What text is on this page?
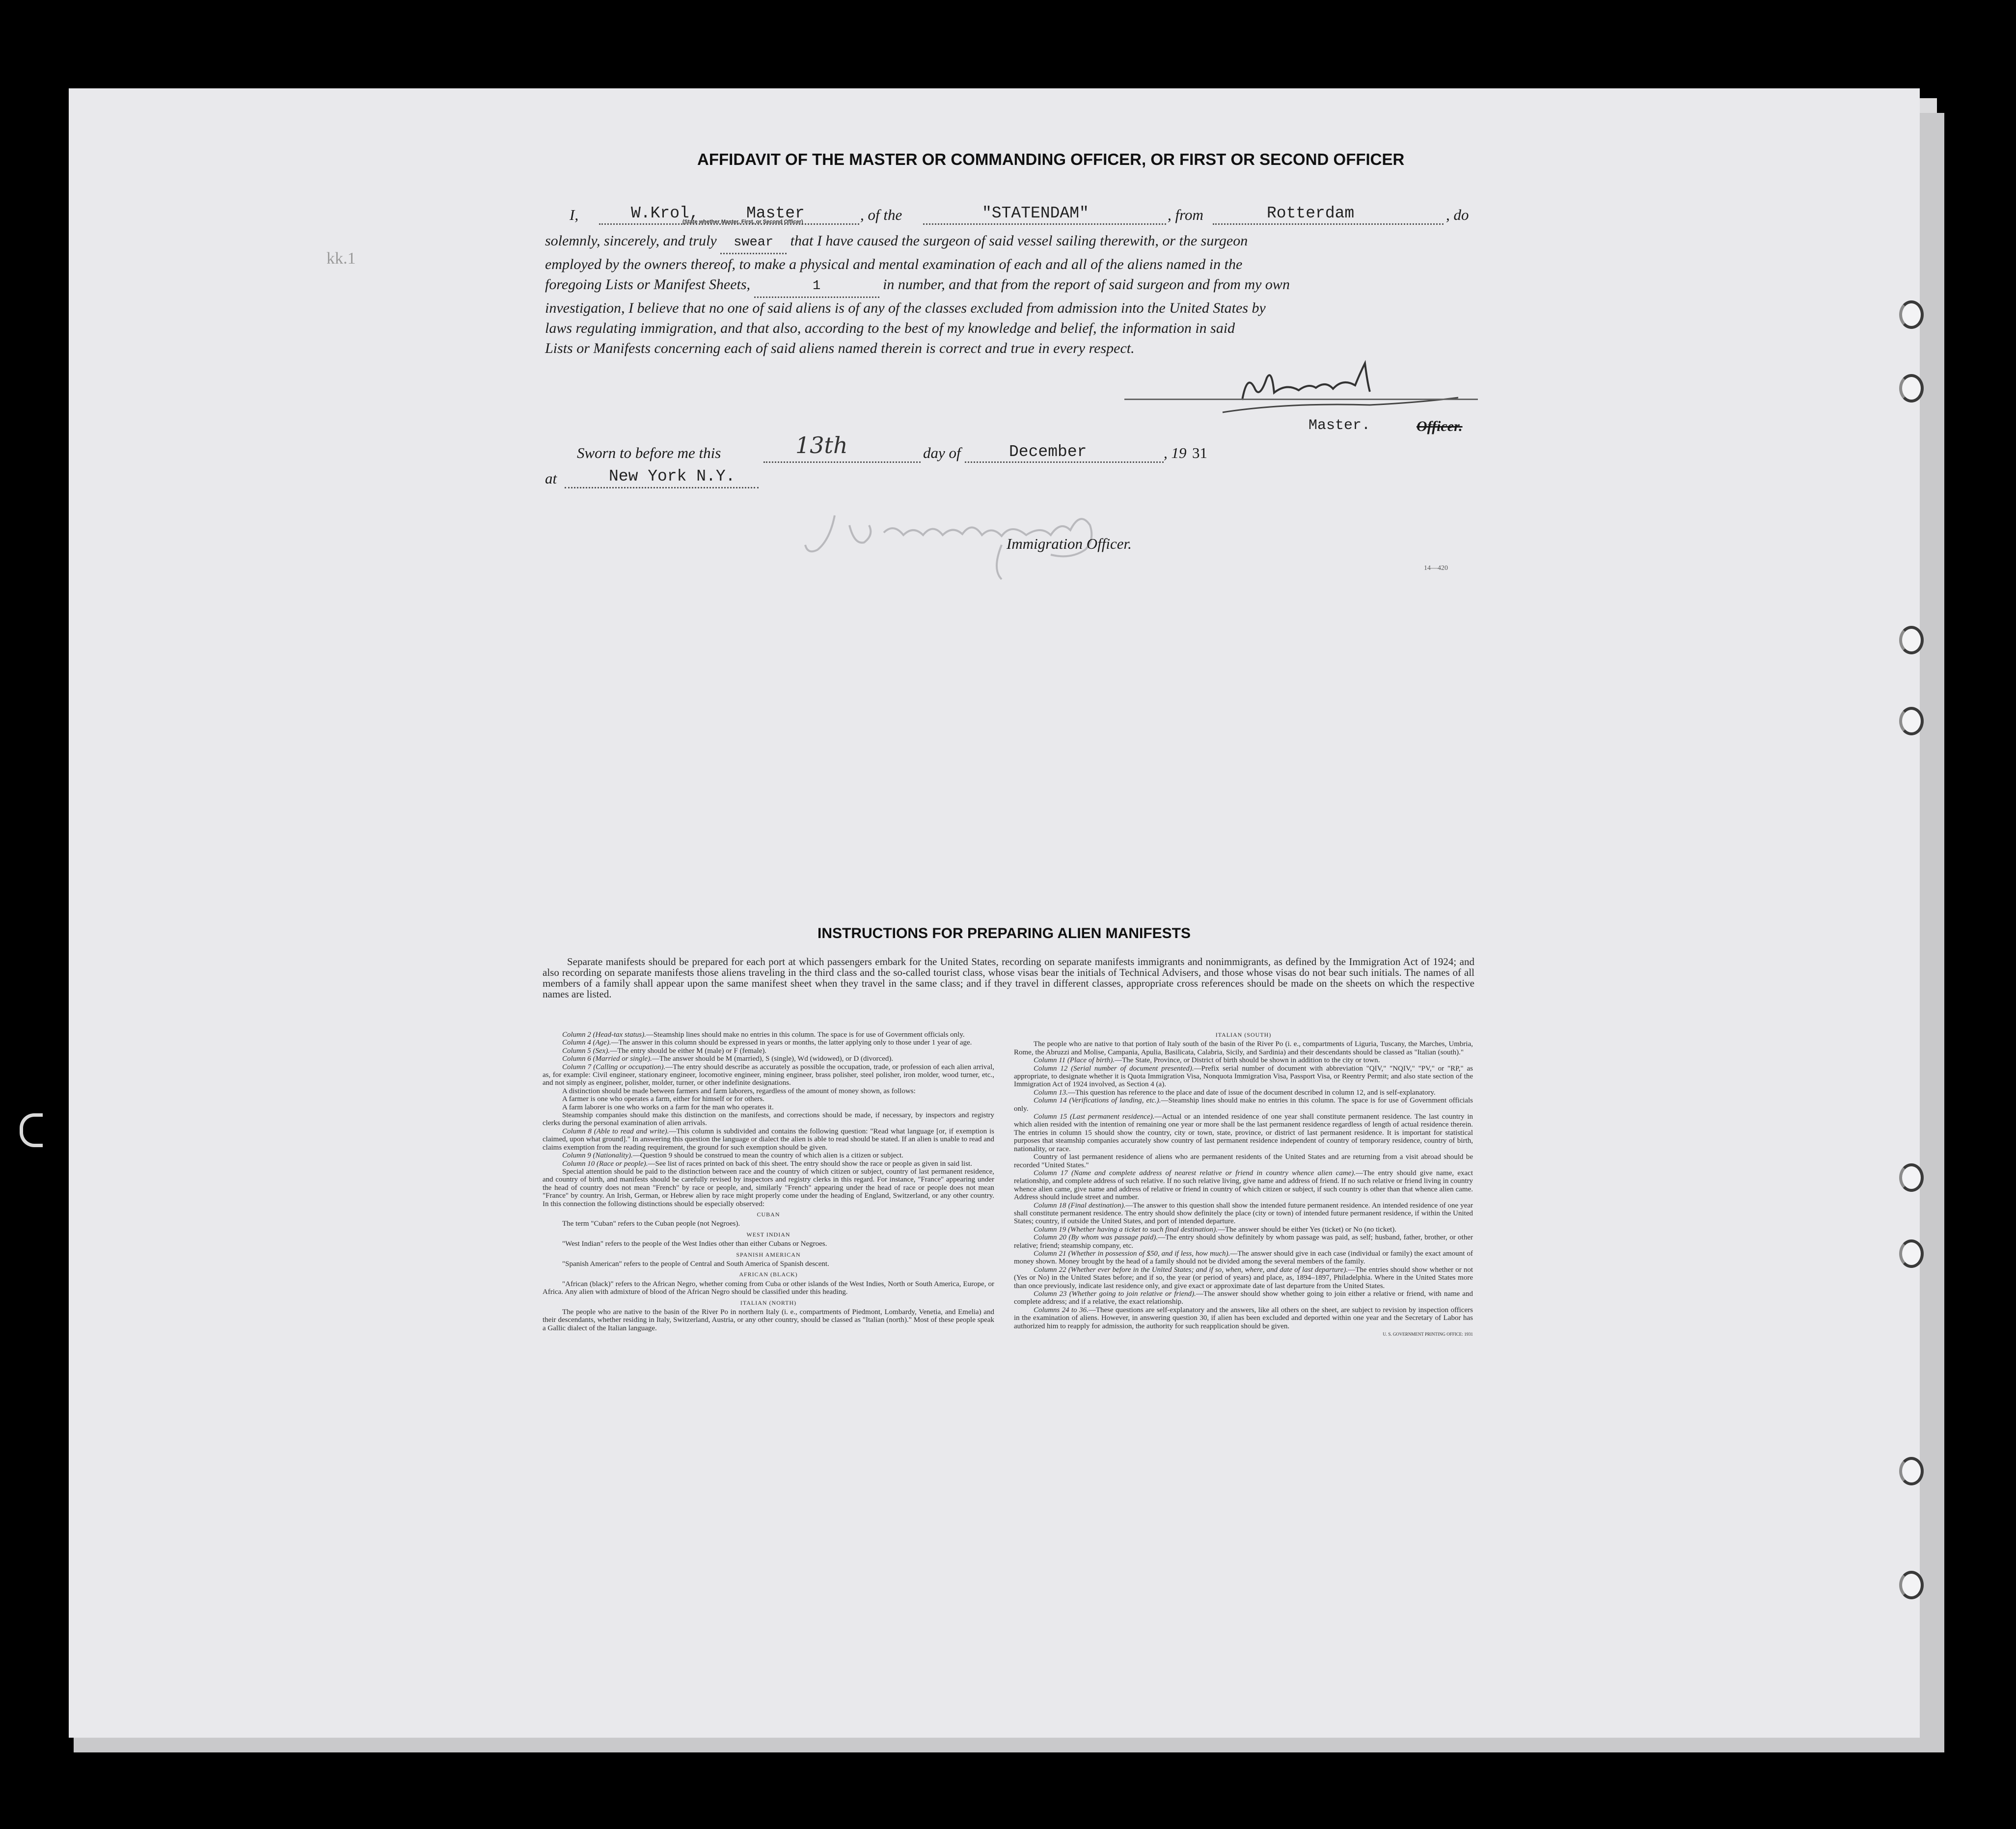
kk.1
AFFIDAVIT OF THE MASTER OR COMMANDING OFFICER, OR FIRST OR SECOND OFFICER
I,	W.Krol,	Master
(State whether Master, First, or Second Officer)	, of the	"STATENDAM"	, from	Rotterdam	, do

solemnly, sincerely, and truly swear that I have caused the surgeon of said vessel sailing therewith, or the surgeon

employed by the owners thereof, to make a physical and mental examination of each and all of the aliens named in the

foregoing Lists or Manifest Sheets,	1	in number, and that from the report of said surgeon and from my own

investigation, I believe that no one of said aliens is of any of the classes excluded from admission into the United States by

laws regulating immigration, and that also, according to the best of my knowledge and belief, the information in said

Lists or Manifests concerning each of said aliens named therein is correct and true in every respect.

Master.	Officer.
Sworn to before me this	13th	day of	December	, 19 31
at	New York N.Y.
Immigration Officer.
14—420
INSTRUCTIONS FOR PREPARING ALIEN MANIFESTS
Separate manifests should be prepared for each port at which passengers embark for the United States, recording on separate manifests immigrants and nonimmigrants, as defined by the Immigration Act of 1924; and also recording on separate manifests those aliens traveling in the third class and the so-called tourist class, whose visas bear the initials of Technical Advisers, and those whose visas do not bear such initials. The names of all members of a family shall appear upon the same manifest sheet when they travel in the same class; and if they travel in different classes, appropriate cross references should be made on the sheets on which the respective names are listed.

Column 2 (Head-tax status).—Steamship lines should make no entries in this column. The space is for use of Government officials only.

Column 4 (Age).—The answer in this column should be expressed in years or months, the latter applying only to those under 1 year of age.

Column 5 (Sex).—The entry should be either M (male) or F (female).

Column 6 (Married or single).—The answer should be M (married), S (single), Wd (widowed), or D (divorced).

Column 7 (Calling or occupation).—The entry should describe as accurately as possible the occupation, trade, or profession of each alien arrival, as, for example: Civil engineer, stationary engineer, locomotive engineer, mining engineer, brass polisher, steel polisher, iron molder, wood turner, etc., and not simply as engineer, polisher, molder, turner, or other indefinite designations.

A distinction should be made between farmers and farm laborers, regardless of the amount of money shown, as follows:

A farmer is one who operates a farm, either for himself or for others.

A farm laborer is one who works on a farm for the man who operates it.

Steamship companies should make this distinction on the manifests, and corrections should be made, if necessary, by inspectors and registry clerks during the personal examination of alien arrivals.

Column 8 (Able to read and write).—This column is subdivided and contains the following question: "Read what language [or, if exemption is claimed, upon what ground]." In answering this question the language or dialect the alien is able to read should be stated. If an alien is unable to read and claims exemption from the reading requirement, the ground for such exemption should be given.

Column 9 (Nationality).—Question 9 should be construed to mean the country of which alien is a citizen or subject.

Column 10 (Race or people).—See list of races printed on back of this sheet. The entry should show the race or people as given in said list.

Special attention should be paid to the distinction between race and the country of which citizen or subject, country of last permanent residence, and country of birth, and manifests should be carefully revised by inspectors and registry clerks in this regard. For instance, "France" appearing under the head of country does not mean "French" by race or people, and, similarly "French" appearing under the head of race or people does not mean "France" by country. An Irish, German, or Hebrew alien by race might properly come under the heading of England, Switzerland, or any other country. In this connection the following distinctions should be especially observed:

CUBAN

The term "Cuban" refers to the Cuban people (not Negroes).

WEST INDIAN

"West Indian" refers to the people of the West Indies other than either Cubans or Negroes.

SPANISH AMERICAN

"Spanish American" refers to the people of Central and South America of Spanish descent.

AFRICAN (BLACK)

"African (black)" refers to the African Negro, whether coming from Cuba or other islands of the West Indies, North or South America, Europe, or Africa. Any alien with admixture of blood of the African Negro should be classified under this heading.

ITALIAN (NORTH)

The people who are native to the basin of the River Po in northern Italy (i. e., compartments of Piedmont, Lombardy, Venetia, and Emelia) and their descendants, whether residing in Italy, Switzerland, Austria, or any other country, should be classed as "Italian (north)." Most of these people speak a Gallic dialect of the Italian language.

ITALIAN (SOUTH)

The people who are native to that portion of Italy south of the basin of the River Po (i. e., compartments of Liguria, Tuscany, the Marches, Umbria, Rome, the Abruzzi and Molise, Campania, Apulia, Basilicata, Calabria, Sicily, and Sardinia) and their descendants should be classed as "Italian (south)."

Column 11 (Place of birth).—The State, Province, or District of birth should be shown in addition to the city or town.

Column 12 (Serial number of document presented).—Prefix serial number of document with abbreviation "QIV," "NQIV," "PV," or "RP," as appropriate, to designate whether it is Quota Immigration Visa, Nonquota Immigration Visa, Passport Visa, or Reentry Permit; and also state section of the Immigration Act of 1924 involved, as Section 4 (a).

Column 13.—This question has reference to the place and date of issue of the document described in column 12, and is self-explanatory.

Column 14 (Verifications of landing, etc.).—Steamship lines should make no entries in this column. The space is for use of Government officials only.

Column 15 (Last permanent residence).—Actual or an intended residence of one year shall constitute permanent residence. The last country in which alien resided with the intention of remaining one year or more shall be the last permanent residence regardless of length of actual residence therein. The entries in column 15 should show the country, city or town, state, province, or district of last permanent residence. It is important for statistical purposes that steamship companies accurately show country of last permanent residence independent of country of temporary residence, country of birth, nationality, or race.

Country of last permanent residence of aliens who are permanent residents of the United States and are returning from a visit abroad should be recorded "United States."

Column 17 (Name and complete address of nearest relative or friend in country whence alien came).—The entry should give name, exact relationship, and complete address of such relative. If no such relative living, give name and address of friend. If no such relative or friend living in country whence alien came, give name and address of relative or friend in country of which citizen or subject, if such country is other than that whence alien came. Address should include street and number.

Column 18 (Final destination).—The answer to this question shall show the intended future permanent residence. An intended residence of one year shall constitute permanent residence. The entry should show definitely the place (city or town) of intended future permanent residence, if within the United States; country, if outside the United States, and port of intended departure.

Column 19 (Whether having a ticket to such final destination).—The answer should be either Yes (ticket) or No (no ticket).

Column 20 (By whom was passage paid).—The entry should show definitely by whom passage was paid, as self; husband, father, brother, or other relative; friend; steamship company, etc.

Column 21 (Whether in possession of $50, and if less, how much).—The answer should give in each case (individual or family) the exact amount of money shown. Money brought by the head of a family should not be divided among the several members of the family.

Column 22 (Whether ever before in the United States; and if so, when, where, and date of last departure).—The entries should show whether or not (Yes or No) in the United States before; and if so, the year (or period of years) and place, as, 1894–1897, Philadelphia. Where in the United States more than once previously, indicate last residence only, and give exact or approximate date of last departure from the United States.

Column 23 (Whether going to join relative or friend).—The answer should show whether going to join either a relative or friend, with name and complete address; and if a relative, the exact relationship.

Columns 24 to 36.—These questions are self-explanatory and the answers, like all others on the sheet, are subject to revision by inspection officers in the examination of aliens. However, in answering question 30, if alien has been excluded and deported within one year and the Secretary of Labor has authorized him to reapply for admission, the authority for such reapplication should be given.

U. S. GOVERNMENT PRINTING OFFICE: 1931
